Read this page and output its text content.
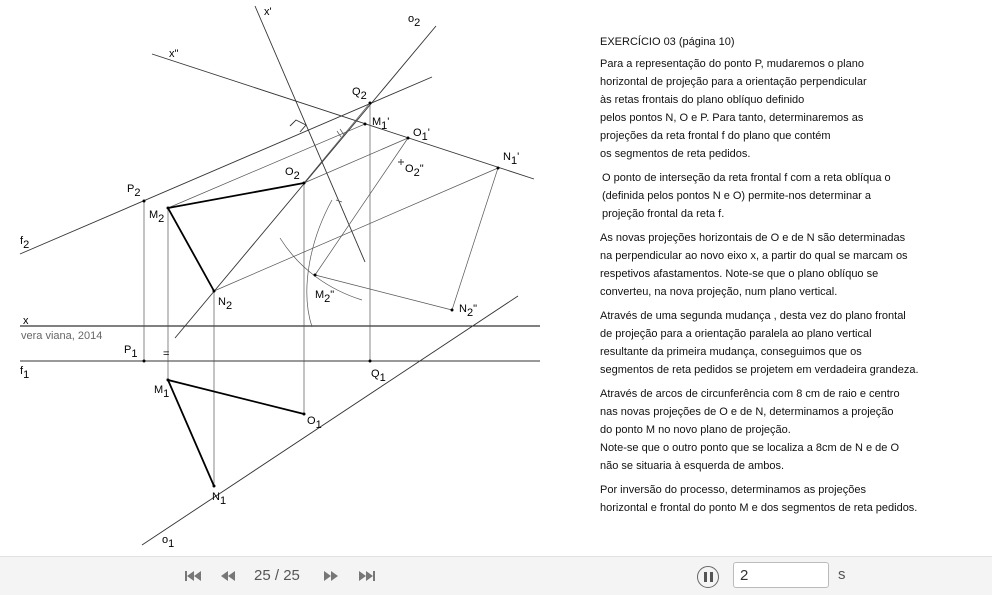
x'
x"
o2
Q2
M1'
O1'
N1'
O2"
P2
O2
M2
f2
N2
M2"
N2"
x
vera viana, 2014
P1 =
f1	Q1
M1
O1
N1
o1
EXERCÍCIO 03 (página 10)
Para a representação do ponto P, mudaremos o plano
horizontal de projeção para a orientação perpendicular
às retas frontais do plano oblíquo definido
pelos pontos N, O e P. Para tanto, determinaremos as
projeções da reta frontal f do plano que contém
os segmentos de reta pedidos.
O ponto de interseção da reta frontal f com a reta oblíqua o
(definida pelos pontos N e O) permite-nos determinar a
projeção frontal da reta f.
As novas projeções horizontais de O e de N são determinadas
na perpendicular ao novo eixo x, a partir do qual se marcam os
respetivos afastamentos. Note-se que o plano oblíquo se
converteu, na nova projeção, num plano vertical.
Através de uma segunda mudança , desta vez do plano frontal
de projeção para a orientação paralela ao plano vertical
resultante da primeira mudança, conseguimos que os
segmentos de reta pedidos se projetem em verdadeira grandeza.
Através de arcos de circunferência com 8 cm de raio e centro
nas novas projeções de O e de N, determinamos a projeção
do ponto M no novo plano de projeção.
Note-se que o outro ponto que se localiza a 8cm de N e de O
não se situaria à esquerda de ambos.
Por inversão do processo, determinamos as projeções
horizontal e frontal do ponto M e dos segmentos de reta pedidos.
25 / 25
2	s
